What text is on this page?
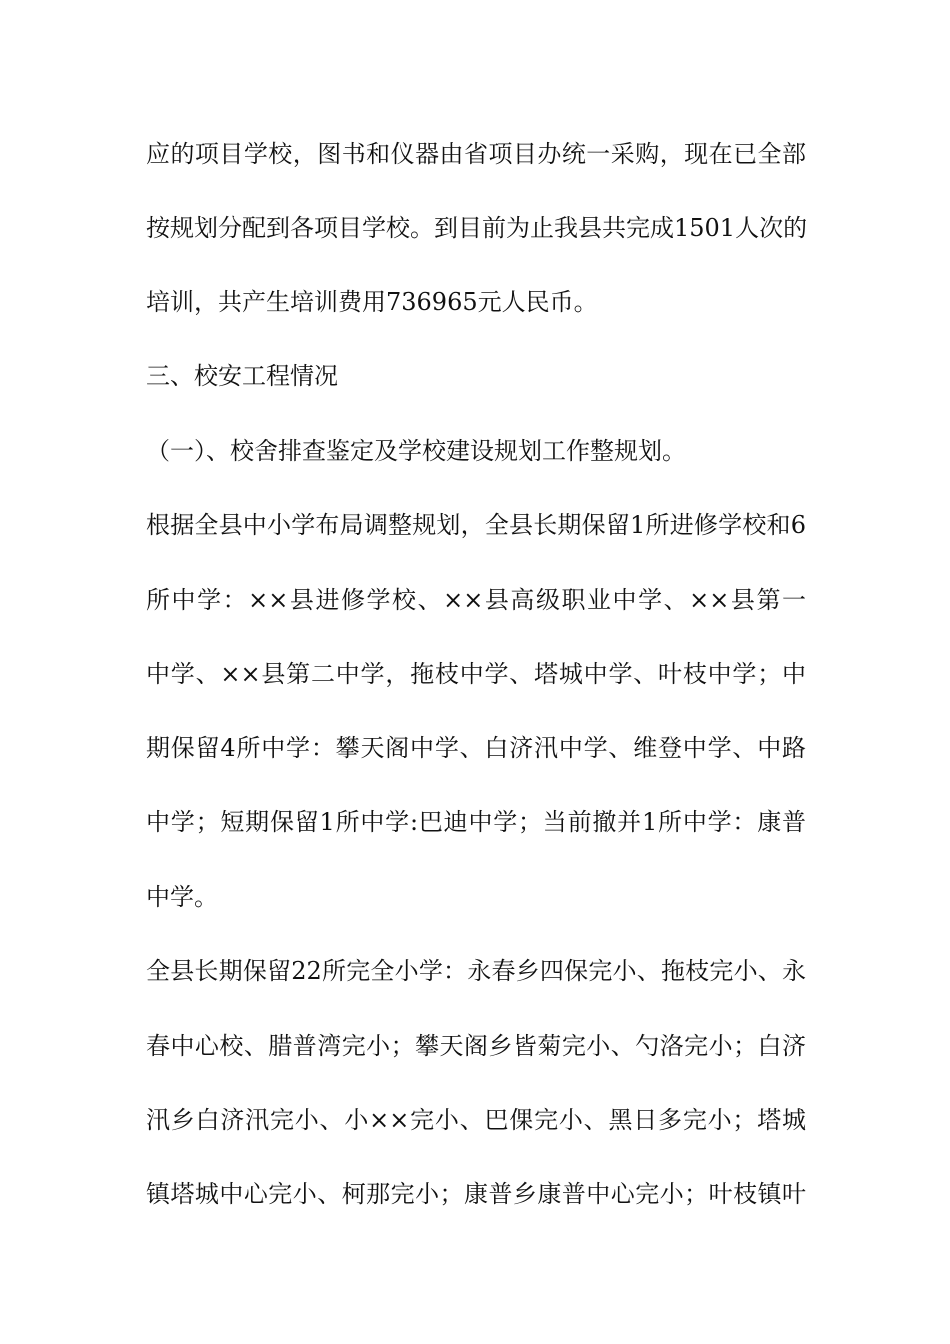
应的项目学校，图书和仪器由省项目办统一采购，现在已全部
按规划分配到各项目学校。到目前为止我县共完成1501人次的
培训，共产生培训费用736965元人民币。
三、校安工程情况
（一）、校舍排查鉴定及学校建设规划工作整规划。
根据全县中小学布局调整规划，全县长期保留1所进修学校和6
所中学：××县进修学校、××县高级职业中学、××县第一
中学、××县第二中学，拖枝中学、塔城中学、叶枝中学；中
期保留4所中学：攀天阁中学、白济汛中学、维登中学、中路
中学；短期保留1所中学:巴迪中学；当前撤并1所中学：康普
中学。
全县长期保留22所完全小学：永春乡四保完小、拖枝完小、永
春中心校、腊普湾完小；攀天阁乡皆菊完小、勺洛完小；白济
汛乡白济汛完小、小××完小、巴倮完小、黑日多完小；塔城
镇塔城中心完小、柯那完小；康普乡康普中心完小；叶枝镇叶
